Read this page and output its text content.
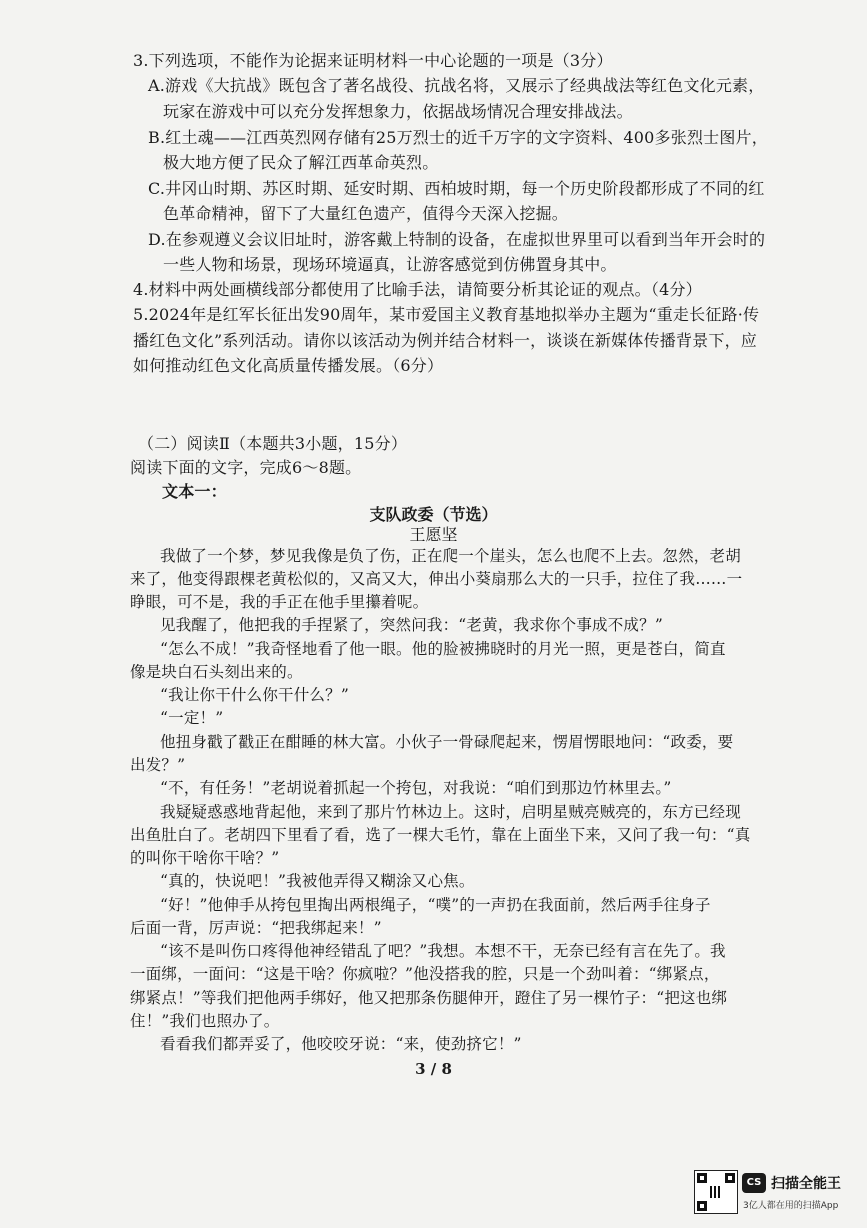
3.下列选项，不能作为论据来证明材料一中心论题的一项是（3分）
A.游戏《大抗战》既包含了著名战役、抗战名将，又展示了经典战法等红色文化元素，
玩家在游戏中可以充分发挥想象力，依据战场情况合理安排战法。
B.红土魂——江西英烈网存储有25万烈士的近千万字的文字资料、400多张烈士图片，
极大地方便了民众了解江西革命英烈。
C.井冈山时期、苏区时期、延安时期、西柏坡时期，每一个历史阶段都形成了不同的红
色革命精神，留下了大量红色遗产，值得今天深入挖掘。
D.在参观遵义会议旧址时，游客戴上特制的设备，在虚拟世界里可以看到当年开会时的
一些人物和场景，现场环境逼真，让游客感觉到仿佛置身其中。
4.材料中两处画横线部分都使用了比喻手法，请简要分析其论证的观点。（4分）
5.2024年是红军长征出发90周年，某市爱国主义教育基地拟举办主题为“重走长征路·传
播红色文化”系列活动。请你以该活动为例并结合材料一，谈谈在新媒体传播背景下，应
如何推动红色文化高质量传播发展。（6分）
（二）阅读Ⅱ（本题共3小题，15分）
阅读下面的文字，完成6～8题。
文本一：
支队政委（节选）
王愿坚
我做了一个梦，梦见我像是负了伤，正在爬一个崖头，怎么也爬不上去。忽然，老胡
来了，他变得跟棵老黄松似的，又高又大，伸出小葵扇那么大的一只手，拉住了我……一
睁眼，可不是，我的手正在他手里攥着呢。
见我醒了，他把我的手捏紧了，突然问我：“老黄，我求你个事成不成？”
“怎么不成！”我奇怪地看了他一眼。他的脸被拂晓时的月光一照，更是苍白，简直
像是块白石头刻出来的。
“我让你干什么你干什么？”
“一定！”
他扭身戳了戳正在酣睡的林大富。小伙子一骨碌爬起来，愣眉愣眼地问：“政委，要
出发？”
“不，有任务！”老胡说着抓起一个挎包，对我说：“咱们到那边竹林里去。”
我疑疑惑惑地背起他，来到了那片竹林边上。这时，启明星贼亮贼亮的，东方已经现
出鱼肚白了。老胡四下里看了看，选了一棵大毛竹，靠在上面坐下来，又问了我一句：“真
的叫你干啥你干啥？”
“真的，快说吧！”我被他弄得又糊涂又心焦。
“好！”他伸手从挎包里掏出两根绳子，“噗”的一声扔在我面前，然后两手往身子
后面一背，厉声说：“把我绑起来！”
“该不是叫伤口疼得他神经错乱了吧？”我想。本想不干，无奈已经有言在先了。我
一面绑，一面问：“这是干啥？你疯啦？”他没搭我的腔，只是一个劲叫着：“绑紧点，
绑紧点！”等我们把他两手绑好，他又把那条伤腿伸开，蹬住了另一棵竹子：“把这也绑
住！”我们也照办了。
看看我们都弄妥了，他咬咬牙说：“来，使劲挤它！”
3 / 8
CS 扫描全能王
3亿人都在用的扫描App
